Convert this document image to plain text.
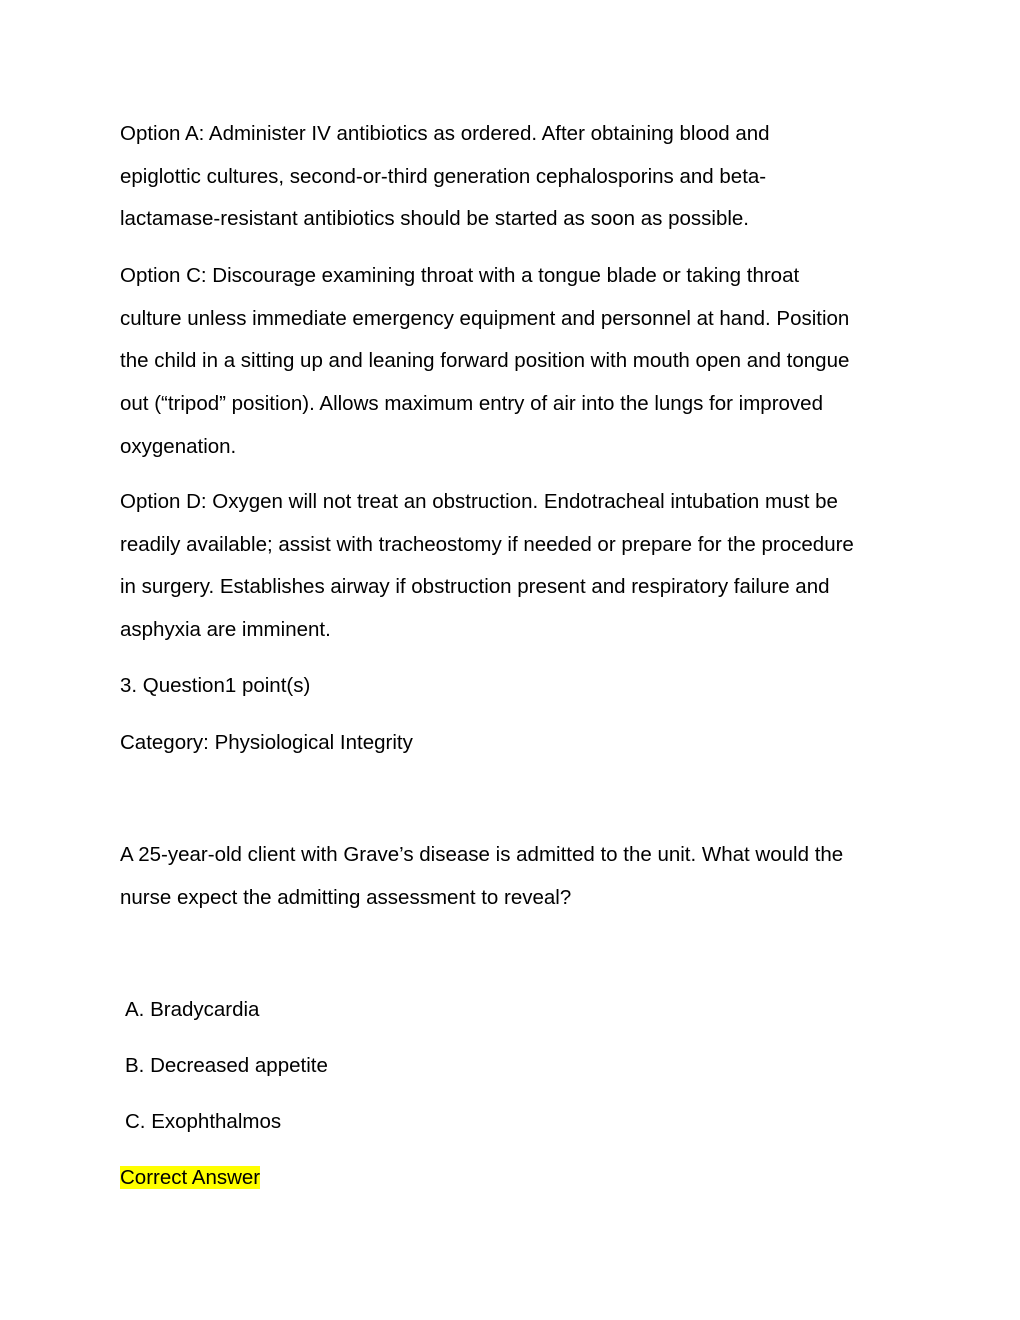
Option A: Administer IV antibiotics as ordered. After obtaining blood and
epiglottic cultures, second-or-third generation cephalosporins and beta-
lactamase-resistant antibiotics should be started as soon as possible.

Option C: Discourage examining throat with a tongue blade or taking throat
culture unless immediate emergency equipment and personnel at hand. Position
the child in a sitting up and leaning forward position with mouth open and tongue
out (“tripod” position). Allows maximum entry of air into the lungs for improved
oxygenation.

Option D: Oxygen will not treat an obstruction. Endotracheal intubation must be
readily available; assist with tracheostomy if needed or prepare for the procedure
in surgery. Establishes airway if obstruction present and respiratory failure and
asphyxia are imminent.

3. Question1 point(s)

Category: Physiological Integrity

A 25-year-old client with Grave’s disease is admitted to the unit. What would the
nurse expect the admitting assessment to reveal?

A. Bradycardia

B. Decreased appetite

C. Exophthalmos

Correct Answer
